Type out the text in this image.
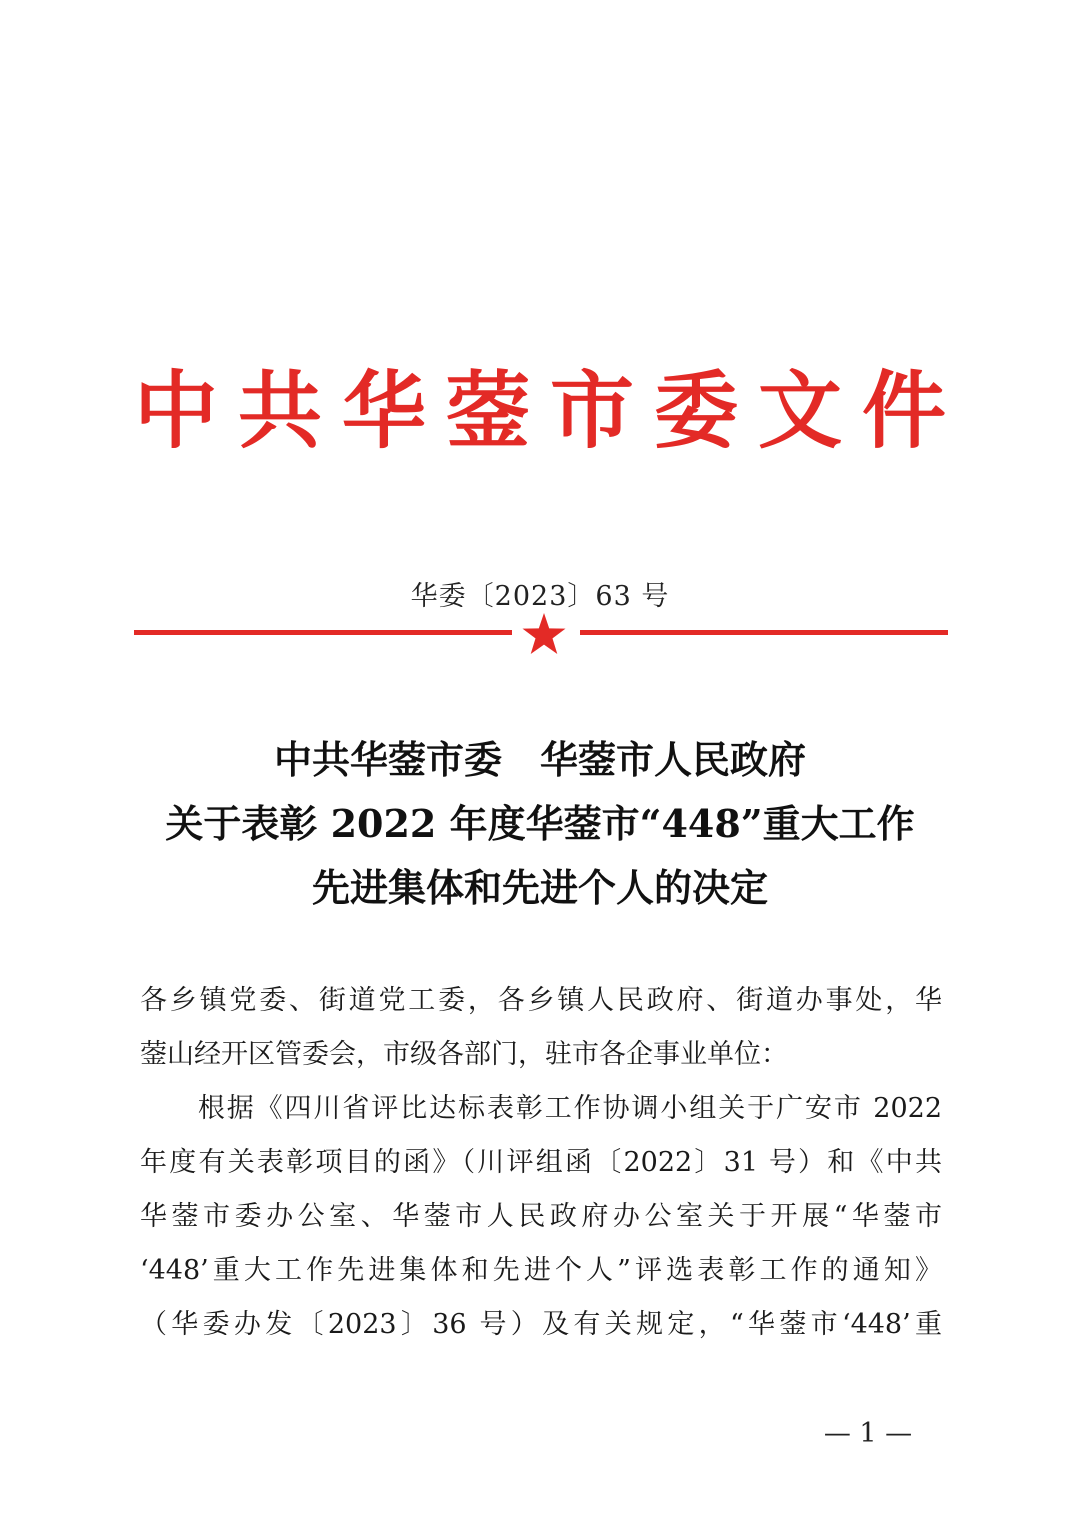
中 共 华 蓥 市 委 文 件
华委〔2023〕63 号
中共华蓥市委　华蓥市人民政府
关于表彰 2022 年度华蓥市“448”重大工作
先进集体和先进个人的决定
各乡镇党委、街道党工委，各乡镇人民政府、街道办事处，华
蓥山经开区管委会，市级各部门，驻市各企事业单位：
　　根据《四川省评比达标表彰工作协调小组关于广安市 2022
年度有关表彰项目的函》（川评组函〔2022〕31 号）和《中共
华蓥市委办公室、华蓥市人民政府办公室关于开展“华蓥市
‘448’重大工作先进集体和先进个人”评选表彰工作的通知》
（华委办发〔2023〕36 号）及有关规定，“华蓥市‘448’重
— 1 —
